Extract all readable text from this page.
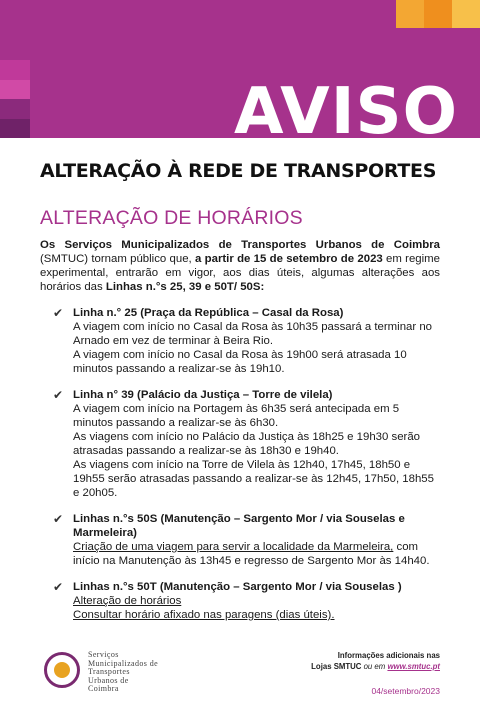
AVISO
ALTERAÇÃO À REDE DE TRANSPORTES
ALTERAÇÃO DE HORÁRIOS
Os Serviços Municipalizados de Transportes Urbanos de Coimbra (SMTUC) tornam público que, a partir de 15 de setembro de 2023 em regime experimental, entrarão em vigor, aos dias úteis, algumas alterações aos horários das Linhas n.°s 25, 39 e 50T/ 50S:
✔ Linha n.° 25 (Praça da República – Casal da Rosa)
A viagem com início no Casal da Rosa às 10h35 passará a terminar no Arnado em vez de terminar à Beira Rio.
A viagem com início no Casal da Rosa às 19h00 será atrasada 10 minutos passando a realizar-se às 19h10.
✔ Linha n° 39 (Palácio da Justiça – Torre de vilela)
A viagem com início na Portagem às 6h35 será antecipada em 5 minutos passando a realizar-se às 6h30.
As viagens com início no Palácio da Justiça às 18h25 e 19h30 serão atrasadas passando a realizar-se às 18h30 e 19h40.
As viagens com início na Torre de Vilela às 12h40, 17h45, 18h50 e 19h55 serão atrasadas passando a realizar-se às 12h45, 17h50, 18h55 e 20h05.
✔ Linhas n.°s 50S (Manutenção – Sargento Mor / via Souselas e Marmeleira)
Criação de uma viagem para servir a localidade da Marmeleira, com início na Manutenção às 13h45 e regresso de Sargento Mor às 14h40.
✔ Linhas n.°s 50T (Manutenção – Sargento Mor / via Souselas )
Alteração de horários
Consultar horário afixado nas paragens (dias úteis).
Serviços
Municipalizados de
Transportes
Urbanos de
Coimbra
Informações adicionais nas
Lojas SMTUC ou em www.smtuc.pt
04/setembro/2023
